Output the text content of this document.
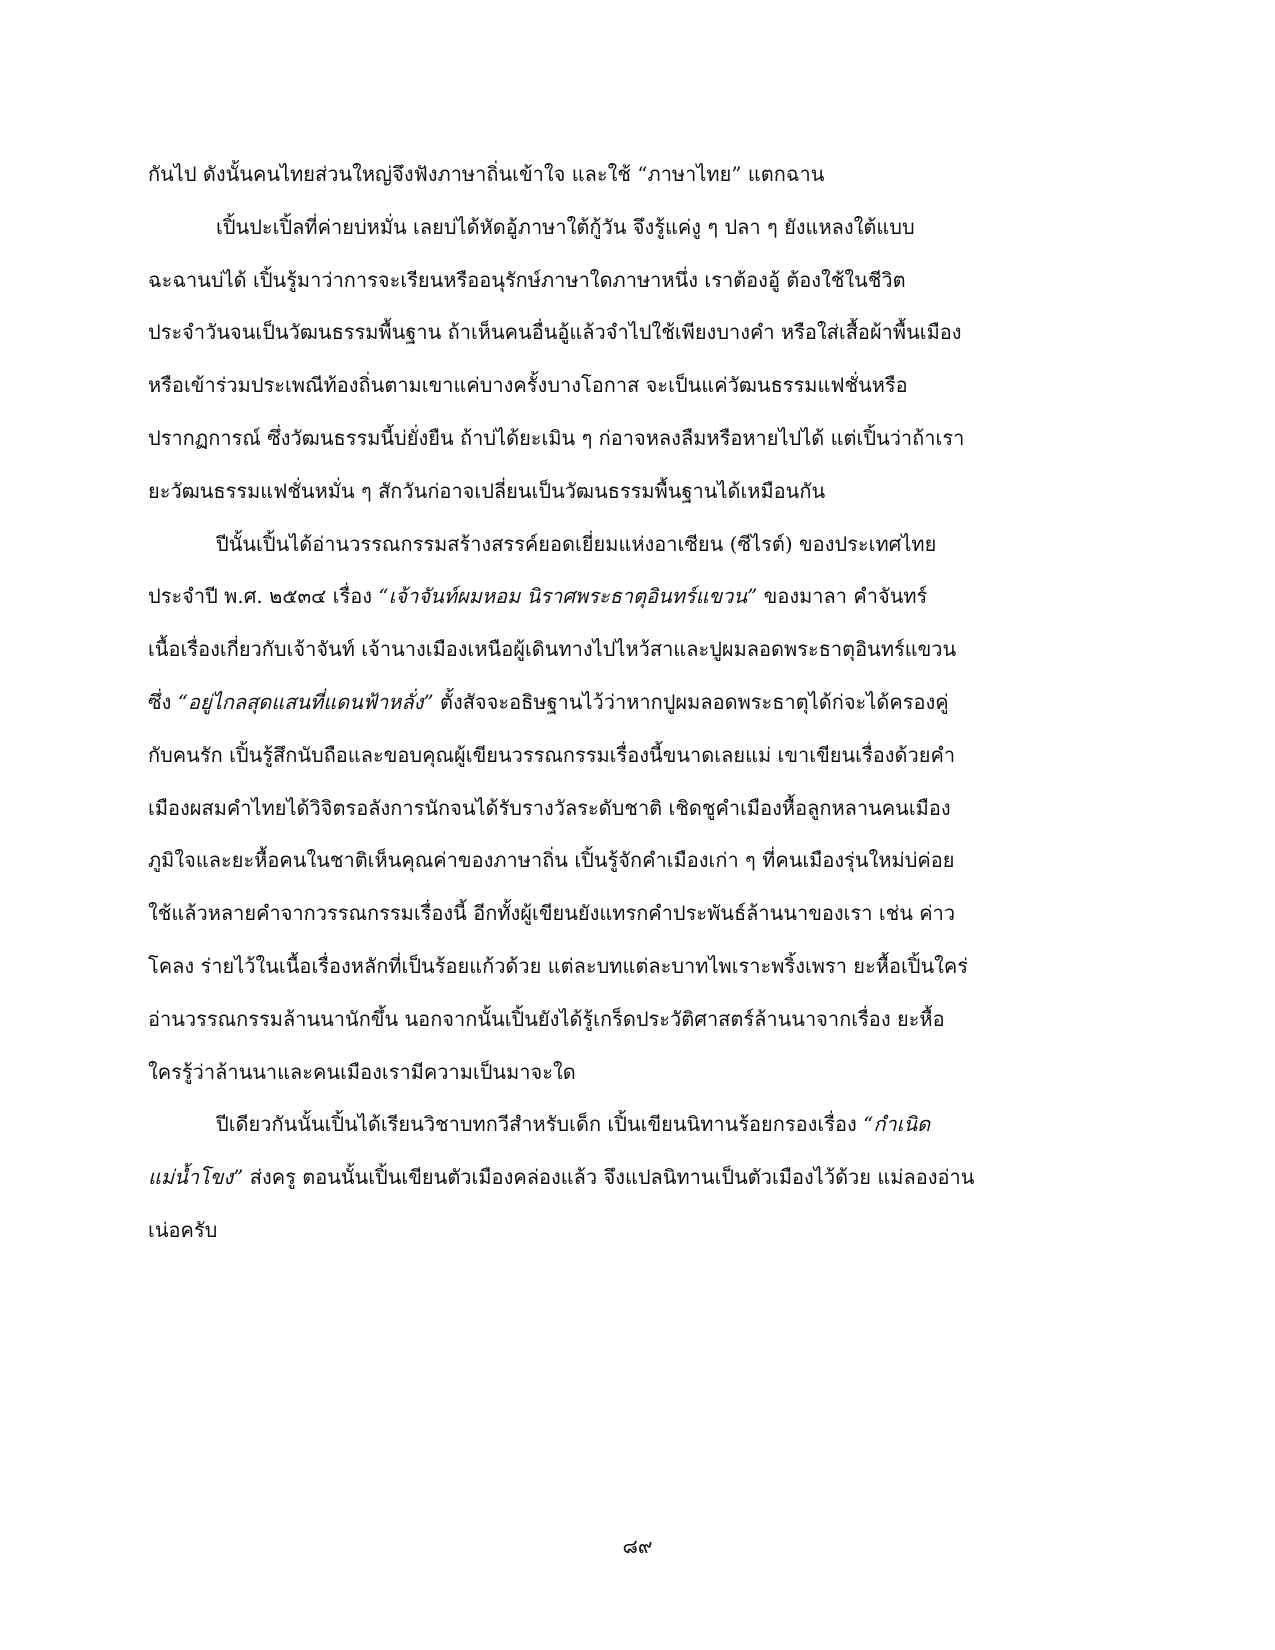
กันไป ดังนั้นคนไทยส่วนใหญ่จึงฟังภาษาถิ่นเข้าใจ และใช้ “ภาษาไทย” แตกฉาน
เปิ้นปะเปิ้ลที่ค่ายบ่หมั่น เลยบ่ได้หัดอู้ภาษาใต้กู้วัน จึงรู้แค่งู ๆ ปลา ๆ ยังแหลงใต้แบบ
ฉะฉานบ่ได้ เปิ้นรู้มาว่าการจะเรียนหรืออนุรักษ์ภาษาใดภาษาหนึ่ง เราต้องอู้ ต้องใช้ในชีวิต
ประจำวันจนเป็นวัฒนธรรมพื้นฐาน ถ้าเห็นคนอื่นอู้แล้วจำไปใช้เพียงบางคำ หรือใส่เสื้อผ้าพื้นเมือง
หรือเข้าร่วมประเพณีท้องถิ่นตามเขาแค่บางครั้งบางโอกาส จะเป็นแค่วัฒนธรรมแฟชั่นหรือ
ปรากฏการณ์ ซึ่งวัฒนธรรมนี้บ่ยั่งยืน ถ้าบ่ได้ยะเมิน ๆ ก่อาจหลงลืมหรือหายไปได้ แต่เปิ้นว่าถ้าเรา
ยะวัฒนธรรมแฟชั่นหมั่น ๆ สักวันก่อาจเปลี่ยนเป็นวัฒนธรรมพื้นฐานได้เหมือนกัน
ปีนั้นเปิ้นได้อ่านวรรณกรรมสร้างสรรค์ยอดเยี่ยมแห่งอาเซียน (ซีไรต์) ของประเทศไทย
ประจำปี พ.ศ. ๒๕๓๔ เรื่อง “เจ้าจันท์ผมหอม นิราศพระธาตุอินทร์แขวน” ของมาลา คำจันทร์
เนื้อเรื่องเกี่ยวกับเจ้าจันท์ เจ้านางเมืองเหนือผู้เดินทางไปไหว้สาและปูผมลอดพระธาตุอินทร์แขวน
ซึ่ง “อยู่ไกลสุดแสนที่แดนฟ้าหลั่ง” ตั้งสัจจะอธิษฐานไว้ว่าหากปูผมลอดพระธาตุได้ก่จะได้ครองคู่
กับคนรัก เปิ้นรู้สึกนับถือและขอบคุณผู้เขียนวรรณกรรมเรื่องนี้ขนาดเลยแม่ เขาเขียนเรื่องด้วยคำ
เมืองผสมคำไทยได้วิจิตรอลังการนักจนได้รับรางวัลระดับชาติ เชิดชูคำเมืองหื้อลูกหลานคนเมือง
ภูมิใจและยะหื้อคนในชาติเห็นคุณค่าของภาษาถิ่น เปิ้นรู้จักคำเมืองเก่า ๆ ที่คนเมืองรุ่นใหม่บ่ค่อย
ใช้แล้วหลายคำจากวรรณกรรมเรื่องนี้ อีกทั้งผู้เขียนยังแทรกคำประพันธ์ล้านนาของเรา เช่น ค่าว
โคลง ร่ายไว้ในเนื้อเรื่องหลักที่เป็นร้อยแก้วด้วย แต่ละบทแต่ละบาทไพเราะพริ้งเพรา ยะหื้อเปิ้นใคร่
อ่านวรรณกรรมล้านนานักขึ้น นอกจากนั้นเปิ้นยังได้รู้เกร็ดประวัติศาสตร์ล้านนาจากเรื่อง ยะหื้อ
ใครรู้ว่าล้านนาและคนเมืองเรามีความเป็นมาจะใด
ปีเดียวกันนั้นเปิ้นได้เรียนวิชาบทกวีสำหรับเด็ก เปิ้นเขียนนิทานร้อยกรองเรื่อง “กำเนิด
แม่น้ำโขง” ส่งครู ตอนนั้นเปิ้นเขียนตัวเมืองคล่องแล้ว จึงแปลนิทานเป็นตัวเมืองไว้ด้วย แม่ลองอ่าน
เน่อครับ
๘๙
